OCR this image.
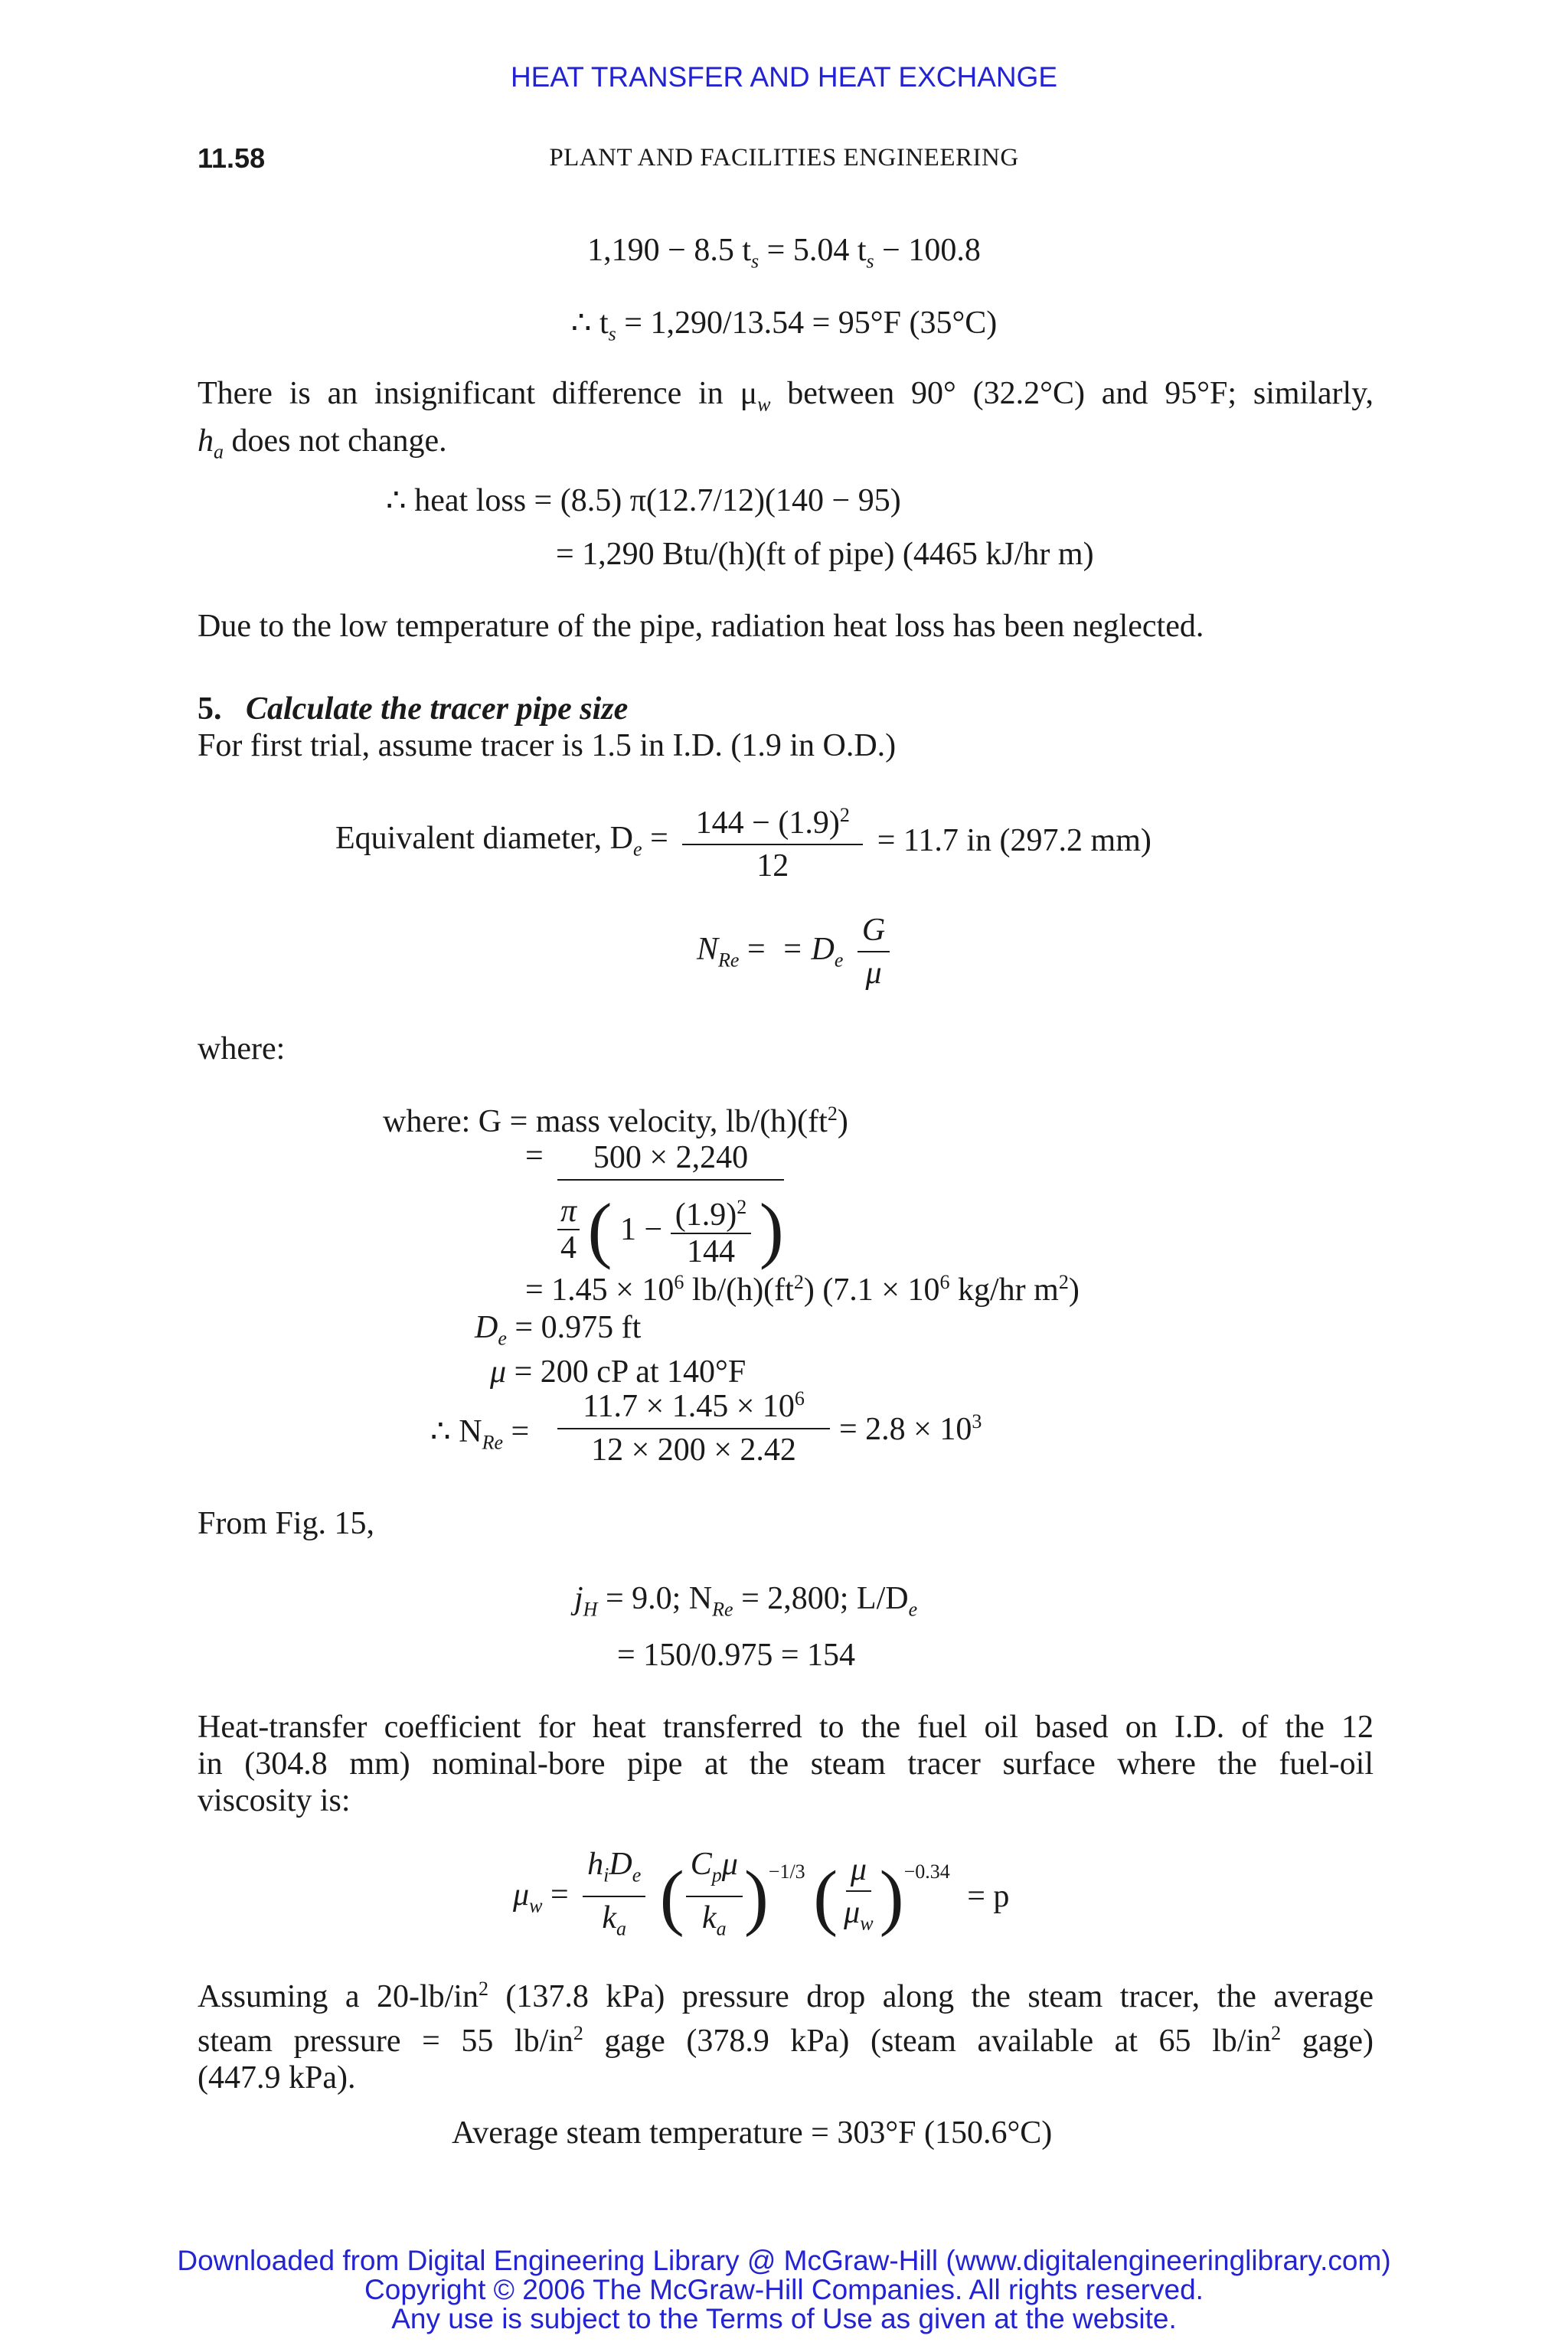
HEAT TRANSFER AND HEAT EXCHANGE
11.58	PLANT AND FACILITIES ENGINEERING
1,190 − 8.5 $t_s = 5.04$ $t_s - 100.8$
∴ $t_s = 1,290/13.54 = 95^\circ F$ (35°C)
There is an insignificant difference in $\mu_w$ between 90° (32.2°C) and 95°F; similarly,
$h_a$ does not change.
∴ heat loss = (8.5) π(12.7/12)(140 − 95)
= 1,290 Btu/(h)(ft of pipe) (4465 kJ/hr m)
Due to the low temperature of the pipe, radiation heat loss has been neglected.
5. Calculate the tracer pipe size
For first trial, assume tracer is 1.5 in I.D. (1.9 in O.D.)
Equivalent diameter, $D_e = \frac{144 - (1.9)^2}{12} = 11.7$ in (297.2 mm)
$N_{Re}$ =  = $D_e \frac{G}{\mu}$
where:
where: G = mass velocity, $lb/(h)(ft^2)$
=	500 × 2,240
$\frac{\pi}{4}$ ( $1 - \frac{(1.9)^2}{144}$ )
= $1.45 \times 10^6$ $lb/(h)(ft^2) (7.1 \times 10^6$ kg/hr $m^2$)
$D_e = 0.975$ ft
μ = 200 cP at 140°F
∴ $N_{Re}$ =
$11.7 \times 1.45 \times 10^6$
12 × 200 × 2.42
= $2.8 \times 10^3$
From Fig. 15,
$j_H = 9.0$; $N_{Re} = 2,800$; $L/D_e$
= 150/0.975 = 154
Heat-transfer coefficient for heat transferred to the fuel oil based on I.D. of the 12
in (304.8 mm) nominal-bore pipe at the steam tracer surface where the fuel-oil
viscosity is:
$\mu_w = \frac{h_iD_e}{k_a}$ ( $\frac{C_p\mu}{k_a} )^{-1/3}$ ( $\frac{\mu}{\mu_w} )^{-0.34} = p$
Assuming a $20-lb/in^2$ (137.8 kPa) pressure drop along the steam tracer, the average
steam pressure = 55 $lb/in^2$ gage (378.9 kPa) (steam available at 65 $lb/in^2$ gage)
(447.9 kPa).
Average steam temperature = 303°F (150.6°C)
Downloaded from Digital Engineering Library @ McGraw-Hill (www.digitalengineeringlibrary.com)
Copyright © 2006 The McGraw-Hill Companies. All rights reserved.
Any use is subject to the Terms of Use as given at the website.
